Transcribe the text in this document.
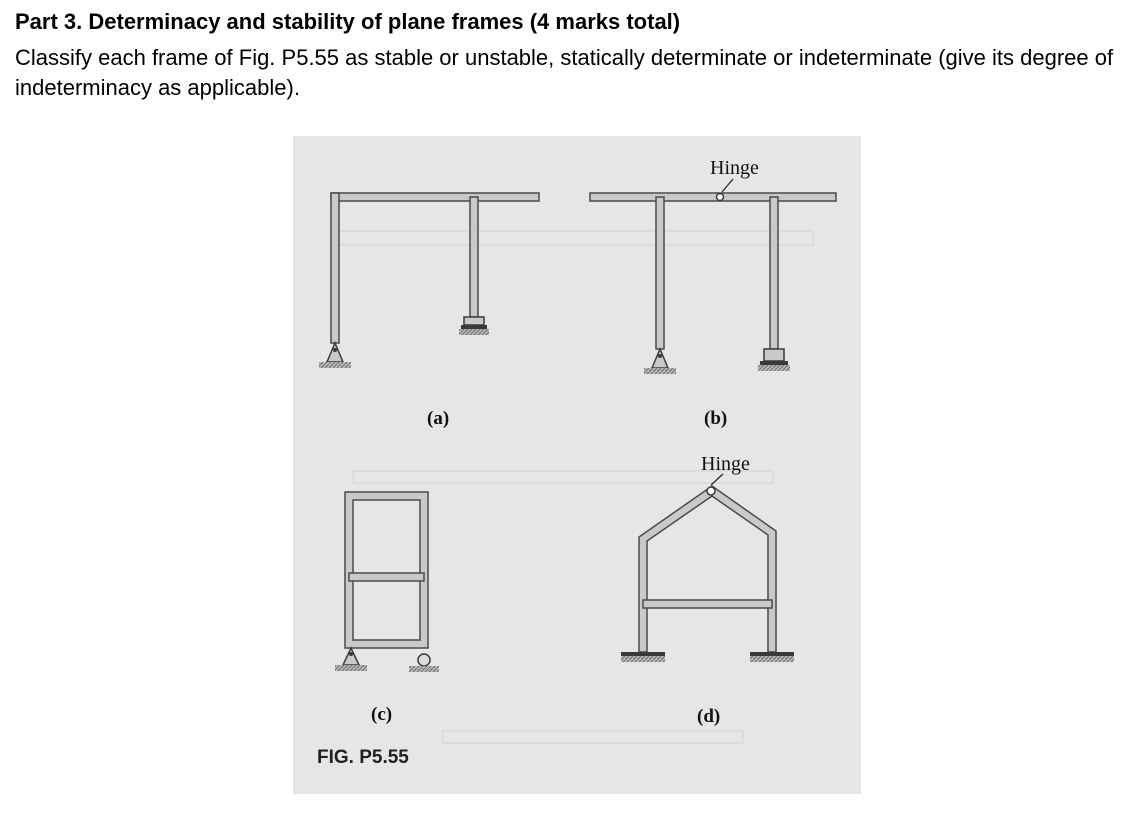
Part 3. Determinacy and stability of plane frames (4 marks total)

Classify each frame of Fig. P5.55 as stable or unstable, statically determinate or indeterminate (give its degree of indeterminacy as applicable).

Hinge
Hinge
(a)	(b)
(c)	(d)
FIG. P5.55
